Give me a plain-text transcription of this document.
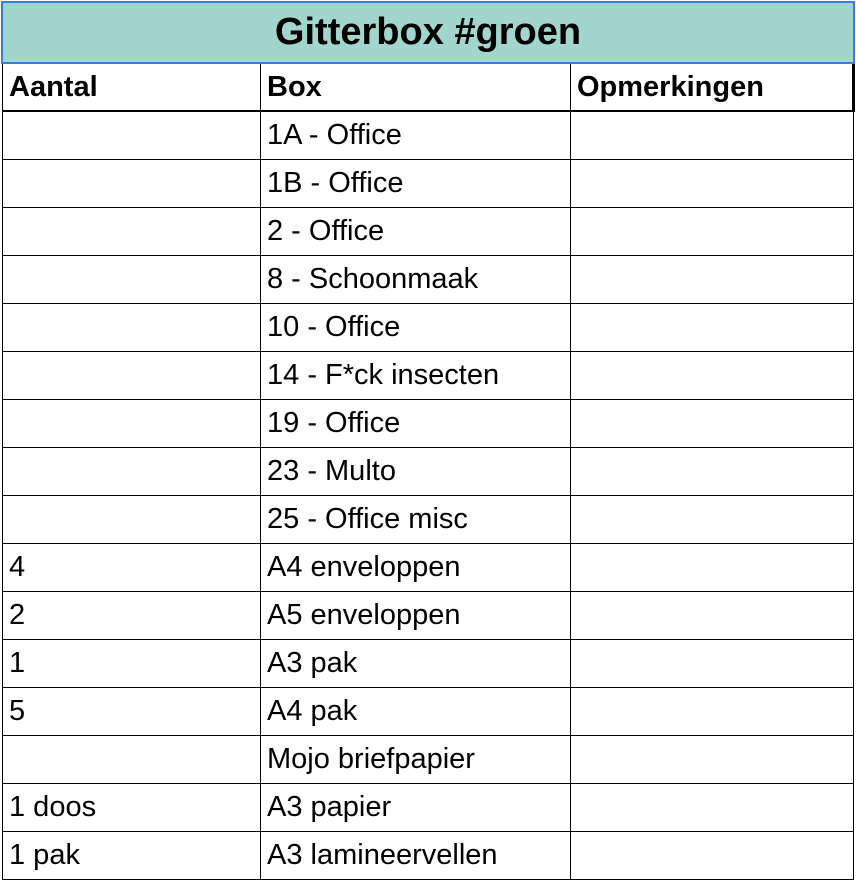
Gitterbox #groen
Aantal	Box	Opmerkingen
	1A - Office	
	1B - Office	
	2 - Office	
	8 - Schoonmaak	
	10 - Office	
	14 - F*ck insecten	
	19 - Office	
	23 - Multo	
	25 - Office misc	
4	A4 enveloppen	
2	A5 enveloppen	
1	A3 pak	
5	A4 pak	
	Mojo briefpapier	
1 doos	A3 papier	
1 pak	A3 lamineervellen	
